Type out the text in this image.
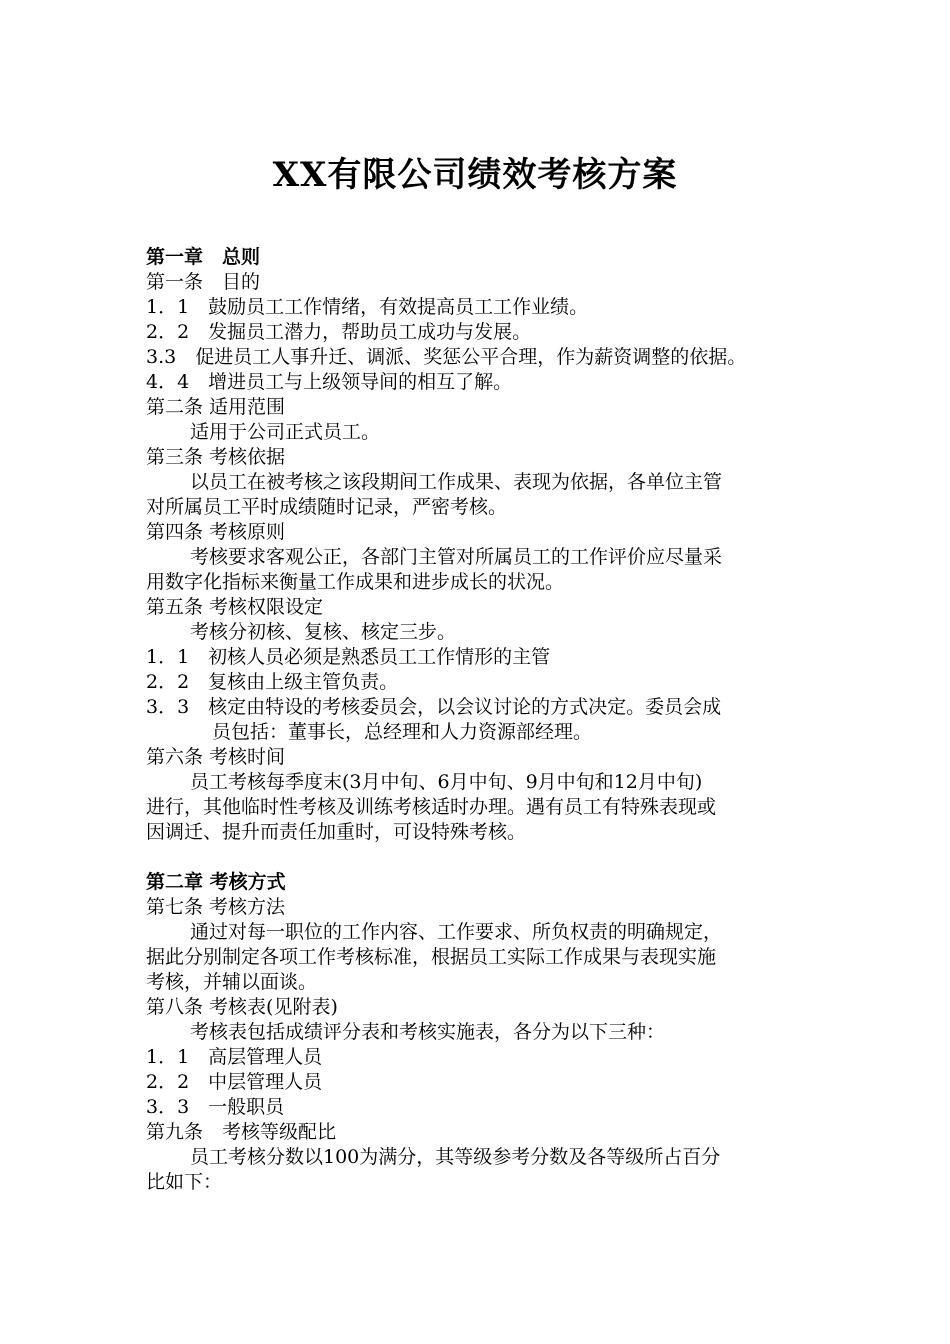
XX有限公司绩效考核方案
第一章　总则
第一条　目的
1．1　鼓励员工工作情绪，有效提高员工工作业绩。
2．2　发掘员工潜力，帮助员工成功与发展。
3.3　促进员工人事升迁、调派、奖惩公平合理，作为薪资调整的依据。
4．4　增进员工与上级领导间的相互了解。
第二条 适用范围
适用于公司正式员工。
第三条 考核依据
以员工在被考核之该段期间工作成果、表现为依据，各单位主管
对所属员工平时成绩随时记录，严密考核。
第四条 考核原则
考核要求客观公正，各部门主管对所属员工的工作评价应尽量采
用数字化指标来衡量工作成果和进步成长的状况。
第五条 考核权限设定
考核分初核、复核、核定三步。
1．1　初核人员必须是熟悉员工工作情形的主管
2．2　复核由上级主管负责。
3．3　核定由特设的考核委员会，以会议讨论的方式决定。委员会成
员包括：董事长，总经理和人力资源部经理。
第六条 考核时间
员工考核每季度末(3月中旬、6月中旬、9月中旬和12月中旬)
进行，其他临时性考核及训练考核适时办理。遇有员工有特殊表现或
因调迁、提升而责任加重时，可设特殊考核。
第二章 考核方式
第七条 考核方法
通过对每一职位的工作内容、工作要求、所负权责的明确规定，
据此分别制定各项工作考核标准，根据员工实际工作成果与表现实施
考核，并辅以面谈。
第八条 考核表(见附表)
考核表包括成绩评分表和考核实施表，各分为以下三种：
1．1　高层管理人员
2．2　中层管理人员
3．3　一般职员
第九条　考核等级配比
员工考核分数以100为满分，其等级参考分数及各等级所占百分
比如下：
